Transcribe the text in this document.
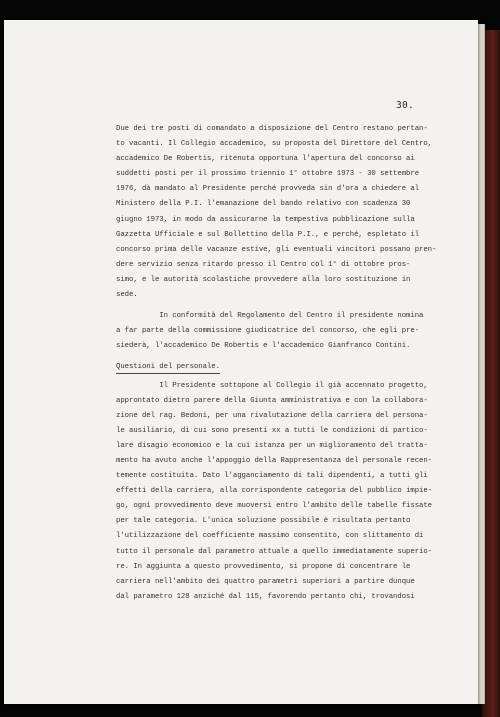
30.
Due dei tre posti di comandato a disposizione del Centro restano pertan-
to vacanti. Il Collegio accademico, su proposta del Direttore del Centro,
accademico De Robertis, ritenuta opportuna l'apertura del concorso ai
suddetti posti per il prossimo triennio 1° ottobre 1973 - 30 settembre
1976, dà mandato al Presidente perché provveda sin d'ora a chiedere al
Ministero della P.I. l'emanazione del bando relativo con scadenza 30
giugno 1973, in modo da assicurarne la tempestiva pubblicazione sulla
Gazzetta Ufficiale e sul Bollettino della P.I., e perché, espletato il
concorso prima delle vacanze estive, gli eventuali vincitori possano pren-
dere servizio senza ritardo presso il Centro col 1° di ottobre pros-
simo, e le autorità scolastiche provvedere alla loro sostituzione in
sede.
In conformità del Regolamento del Centro il presidente nomina
a far parte della commissione giudicatrice del concorso, che egli pre-
siederà, l'accademico De Robertis e l'accademico Gianfranco Contini.
Questioni del personale.
Il Presidente sottopone al Collegio il già accennato progetto,
approntato dietro parere della Giunta amministrativa e con la collabora-
zione del rag. Bedoni, per una rivalutazione della carriera del persona-
le ausiliario, di cui sono presenti xx a tutti le condizioni di partico-
lare disagio economico e la cui istanza per un miglioramento del tratta-
mento ha avuto anche l'appoggio della Rappresentanza del personale recen-
temente costituita. Dato l'agganciamento di tali dipendenti, a tutti gli
effetti della carriera, alla corrispondente categoria del pubblico impie-
go, ogni provvedimento deve muoversi entro l'ambito delle tabelle fissate
per tale categoria. L'unica soluzione possibile è risultata pertanto
l'utilizzazione del coefficiente massimo consentito, con slittamento di
tutto il personale dal parametro attuale a quello immediatamente superio-
re. In aggiunta a questo provvedimento, si propone di concentrare le
carriera nell'ambito dei quattro parametri superiori a partire dunque
dal parametro 128 anziché dal 115, favorendo pertanto chi, trovandosi
